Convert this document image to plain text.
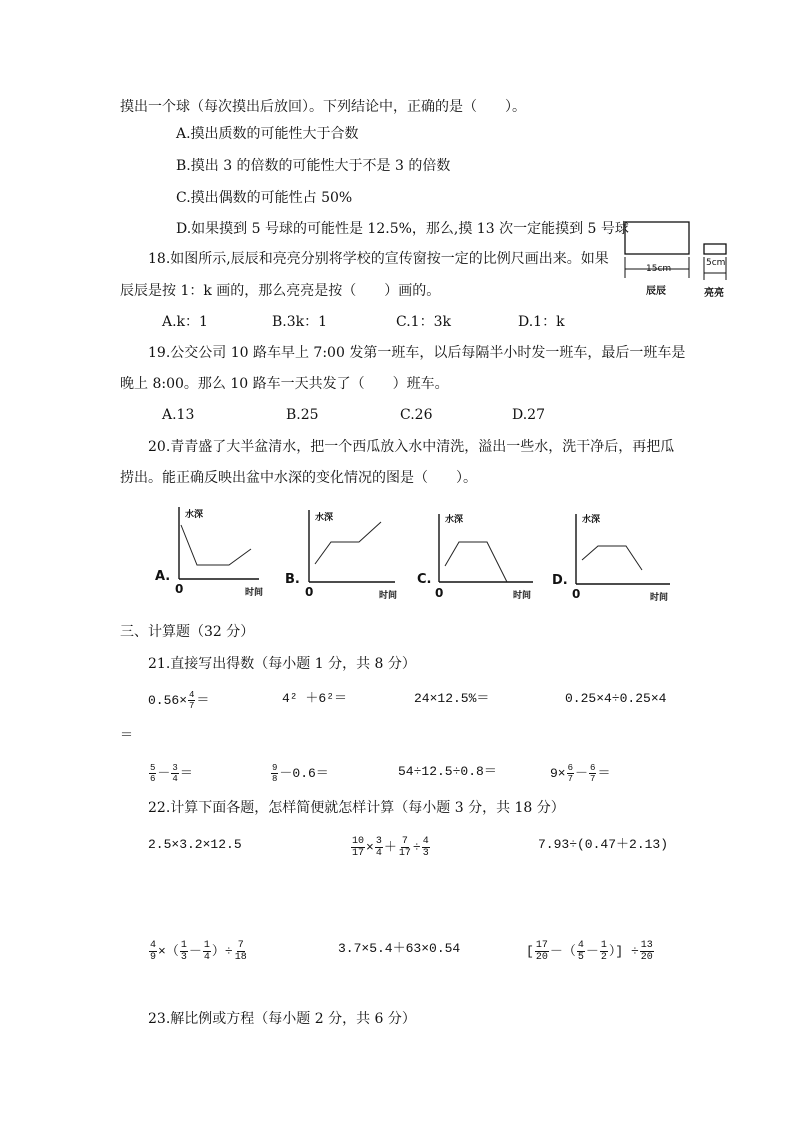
摸出一个球（每次摸出后放回）。下列结论中，正确的是（　　）。
A.摸出质数的可能性大于合数
B.摸出 3 的倍数的可能性大于不是 3 的倍数
C.摸出偶数的可能性占 50%
D.如果摸到 5 号球的可能性是 12.5%，那么,摸 13 次一定能摸到 5 号球
18.如图所示,辰辰和亮亮分别将学校的宣传窗按一定的比例尺画出来。如果
辰辰是按 1：k 画的，那么亮亮是按（　　）画的。
15cm
辰辰
5cm
亮亮
A.k：1	B.3k：1	C.1：3k	D.1：k
19.公交公司 10 路车早上 7:00 发第一班车，以后每隔半小时发一班车，最后一班车是
晚上 8:00。那么 10 路车一天共发了（　　）班车。
A.13	B.25	C.26	D.27
20.青青盛了大半盆清水，把一个西瓜放入水中清洗，溢出一些水，洗干净后，再把瓜
捞出。能正确反映出盆中水深的变化情况的图是（　　）。
水深
A.
0	时间
水深
B.
0	时间
水深
C.
0	时间
水深
D.
0	时间
三、计算题（32 分）
21.直接写出得数（每小题 1 分，共 8 分）
$0.56\times \frac{4}{7}$ ＝	4² ＋6²＝	24×12.5%＝	0.25×4÷0.25×4
＝
$\frac{5}{6} - \frac{3}{4}$ ＝	$\frac{9}{8} -0.6=$	54÷12.5÷0.8＝	$9\times \frac{6}{7} - \frac{6}{7}$ ＝
22.计算下面各题，怎样简便就怎样计算（每小题 3 分，共 18 分）
2.5×3.2×12.5	$\frac{10}{17} \times \frac{3}{4} + \frac{7}{17} \div \frac{4}{3}$	7.93÷(0.47＋2.13)
$\frac{4}{9}$ ×（ $\frac{1}{3} - \frac{1}{4}$ ）÷ $\frac{7}{18}$	3.7×5.4＋63×0.54	[ $\frac{17}{20}$ －（ $\frac{4}{5} - \frac{1}{2}$ ）] ÷ $\frac{13}{20}$
23.解比例或方程（每小题 2 分，共 6 分）
